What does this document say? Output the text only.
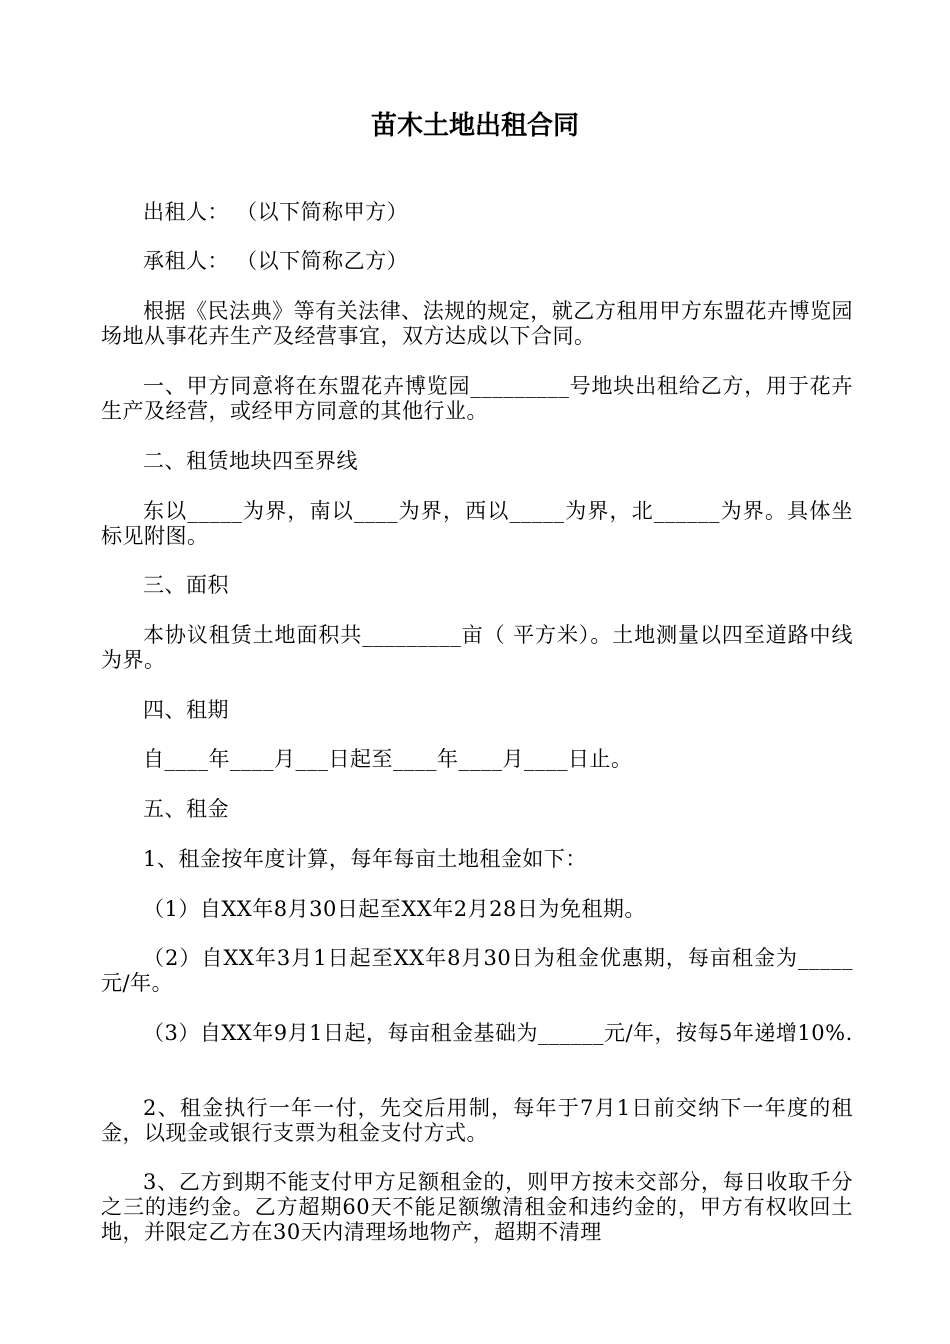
苗木土地出租合同

出租人： （以下简称甲方）

承租人： （以下简称乙方）

根据《民法典》等有关法律、法规的规定，就乙方租用甲方东盟花卉博览园场地从事花卉生产及经营事宜，双方达成以下合同。

一、甲方同意将在东盟花卉博览园_________号地块出租给乙方，用于花卉生产及经营，或经甲方同意的其他行业。

二、租赁地块四至界线

东以_____为界，南以____为界，西以_____为界，北______为界。具体坐标见附图。

三、面积

本协议租赁土地面积共_________亩（ 平方米）。土地测量以四至道路中线为界。

四、租期

自____年____月___日起至____年____月____日止。

五、租金

1、租金按年度计算，每年每亩土地租金如下：

（1）自XX年8月30日起至XX年2月28日为免租期。

（2）自XX年3月1日起至XX年8月30日为租金优惠期，每亩租金为_____元/年。

（3）自XX年9月1日起，每亩租金基础为______元/年，按每5年递增10%.

2、租金执行一年一付，先交后用制，每年于7月1日前交纳下一年度的租金，以现金或银行支票为租金支付方式。

3、乙方到期不能支付甲方足额租金的，则甲方按未交部分，每日收取千分之三的违约金。乙方超期60天不能足额缴清租金和违约金的，甲方有权收回土地，并限定乙方在30天内清理场地物产，超期不清理
